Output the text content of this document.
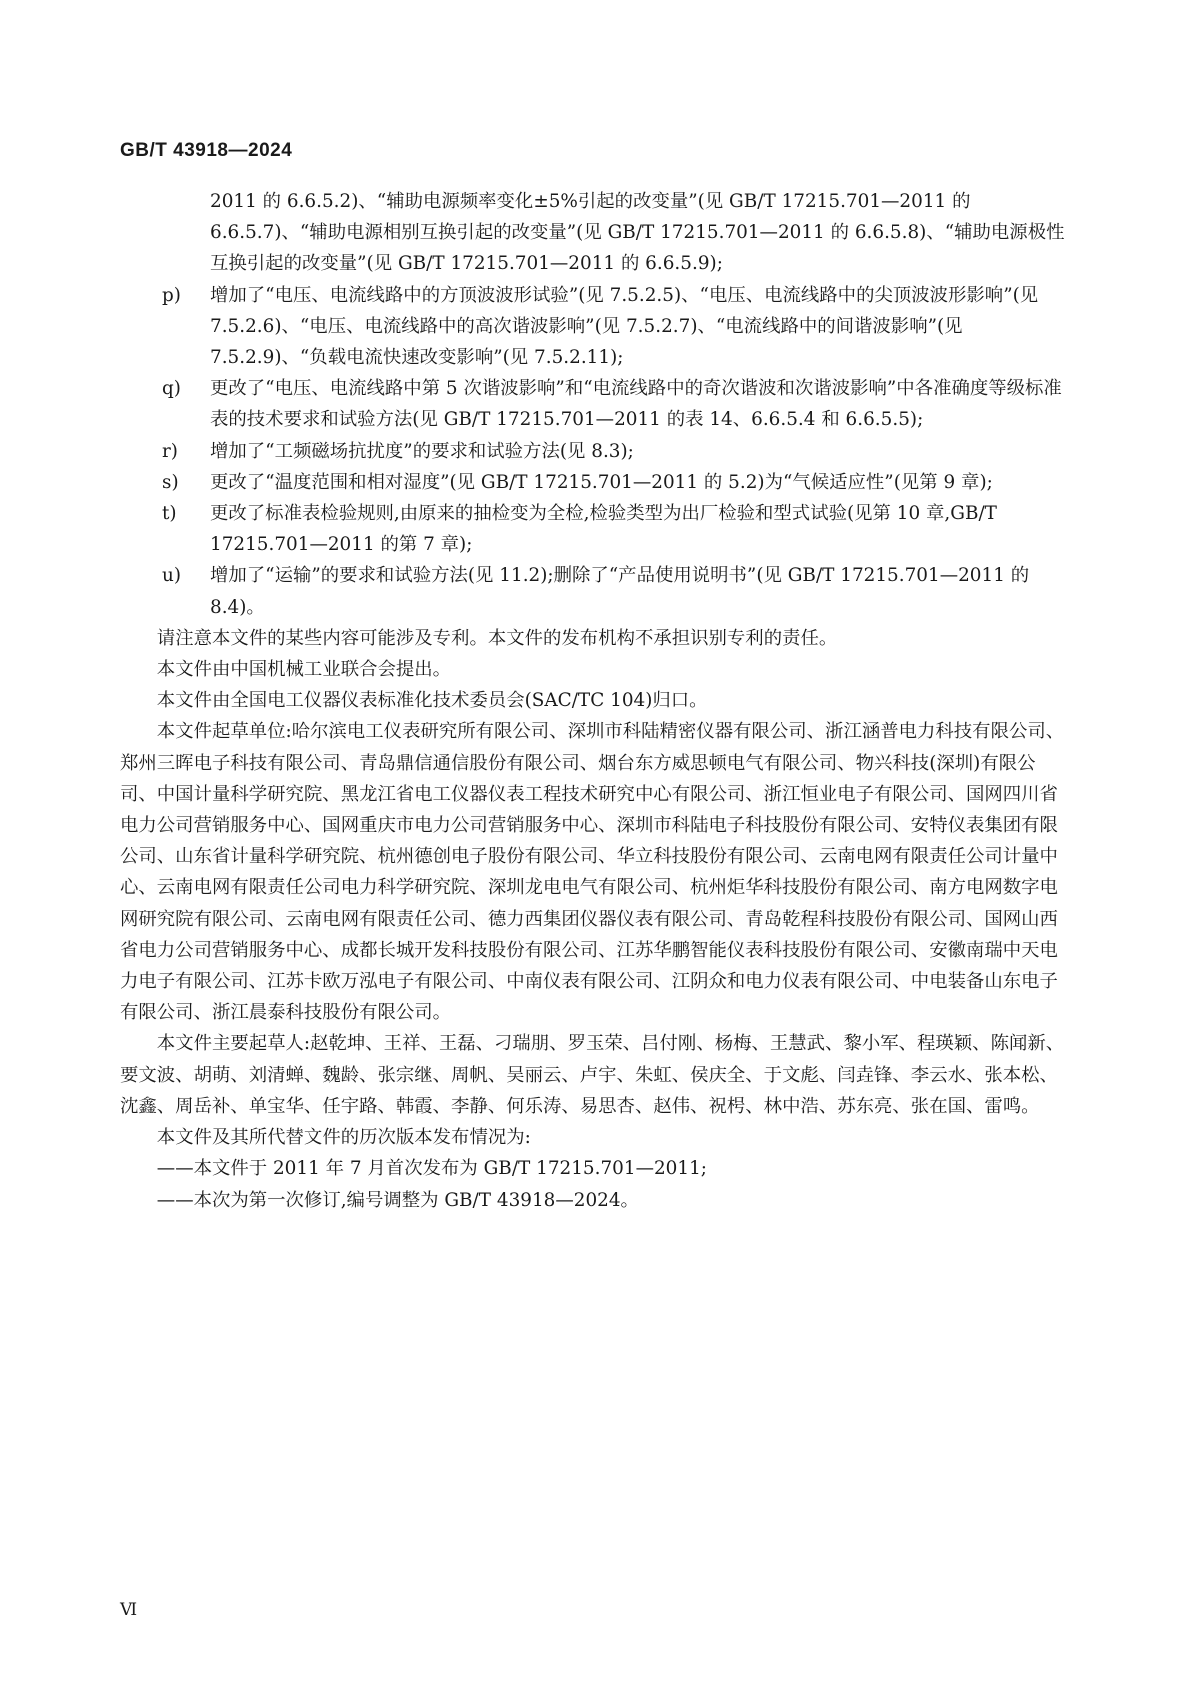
GB/T 43918—2024

2011 的 6.6.5.2)、“辅助电源频率变化±5%引起的改变量”(见 GB/T 17215.701—2011 的 6.6.5.7)、“辅助电源相别互换引起的改变量”(见 GB/T 17215.701—2011 的 6.6.5.8)、“辅助电源极性互换引起的改变量”(见 GB/T 17215.701—2011 的 6.6.5.9);

p) 增加了“电压、电流线路中的方顶波波形试验”(见 7.5.2.5)、“电压、电流线路中的尖顶波波形影响”(见 7.5.2.6)、“电压、电流线路中的高次谐波影响”(见 7.5.2.7)、“电流线路中的间谐波影响”(见 7.5.2.9)、“负载电流快速改变影响”(见 7.5.2.11);
q) 更改了“电压、电流线路中第 5 次谐波影响”和“电流线路中的奇次谐波和次谐波影响”中各准确度等级标准表的技术要求和试验方法(见 GB/T 17215.701—2011 的表 14、6.6.5.4 和 6.6.5.5);
r) 增加了“工频磁场抗扰度”的要求和试验方法(见 8.3);
s) 更改了“温度范围和相对湿度”(见 GB/T 17215.701—2011 的 5.2)为“气候适应性”(见第 9 章);
t) 更改了标准表检验规则,由原来的抽检变为全检,检验类型为出厂检验和型式试验(见第 10 章,GB/T 17215.701—2011 的第 7 章);
u) 增加了“运输”的要求和试验方法(见 11.2);删除了“产品使用说明书”(见 GB/T 17215.701—2011 的 8.4)。

请注意本文件的某些内容可能涉及专利。本文件的发布机构不承担识别专利的责任。

本文件由中国机械工业联合会提出。

本文件由全国电工仪器仪表标准化技术委员会(SAC/TC 104)归口。

本文件起草单位:哈尔滨电工仪表研究所有限公司、深圳市科陆精密仪器有限公司、浙江涵普电力科技有限公司、郑州三晖电子科技有限公司、青岛鼎信通信股份有限公司、烟台东方威思顿电气有限公司、物兴科技(深圳)有限公司、中国计量科学研究院、黑龙江省电工仪器仪表工程技术研究中心有限公司、浙江恒业电子有限公司、国网四川省电力公司营销服务中心、国网重庆市电力公司营销服务中心、深圳市科陆电子科技股份有限公司、安特仪表集团有限公司、山东省计量科学研究院、杭州德创电子股份有限公司、华立科技股份有限公司、云南电网有限责任公司计量中心、云南电网有限责任公司电力科学研究院、深圳龙电电气有限公司、杭州炬华科技股份有限公司、南方电网数字电网研究院有限公司、云南电网有限责任公司、德力西集团仪器仪表有限公司、青岛乾程科技股份有限公司、国网山西省电力公司营销服务中心、成都长城开发科技股份有限公司、江苏华鹏智能仪表科技股份有限公司、安徽南瑞中天电力电子有限公司、江苏卡欧万泓电子有限公司、中南仪表有限公司、江阴众和电力仪表有限公司、中电装备山东电子有限公司、浙江晨泰科技股份有限公司。

本文件主要起草人:赵乾坤、王祥、王磊、刁瑞朋、罗玉荣、吕付刚、杨梅、王慧武、黎小军、程瑛颖、陈闻新、要文波、胡萌、刘清蝉、魏龄、张宗继、周帆、吴丽云、卢宇、朱虹、侯庆全、于文彪、闫垚锋、李云水、张本松、沈鑫、周岳补、单宝华、任宇路、韩霞、李静、何乐涛、易思杏、赵伟、祝枵、林中浩、苏东亮、张在国、雷鸣。

本文件及其所代替文件的历次版本发布情况为:

——本文件于 2011 年 7 月首次发布为 GB/T 17215.701—2011;

——本次为第一次修订,编号调整为 GB/T 43918—2024。

Ⅵ
